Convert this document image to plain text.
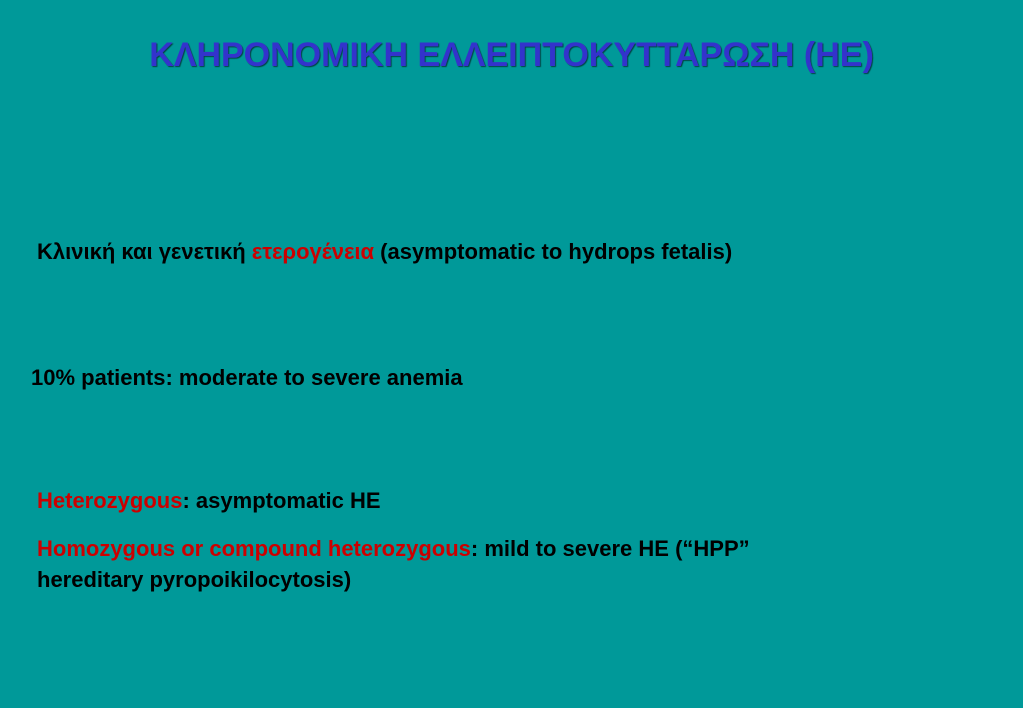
ΚΛΗΡΟΝΟΜΙΚΗ ΕΛΛΕΙΠΤΟΚΥΤΤΑΡΩΣΗ (HE)
Κλινική και γενετική ετερογένεια (asymptomatic to hydrops fetalis)
10% patients: moderate to severe anemia
Heterozygous: asymptomatic HE
Homozygous or compound heterozygous: mild to severe HE (“HPP”
hereditary pyropoikilocytosis)
